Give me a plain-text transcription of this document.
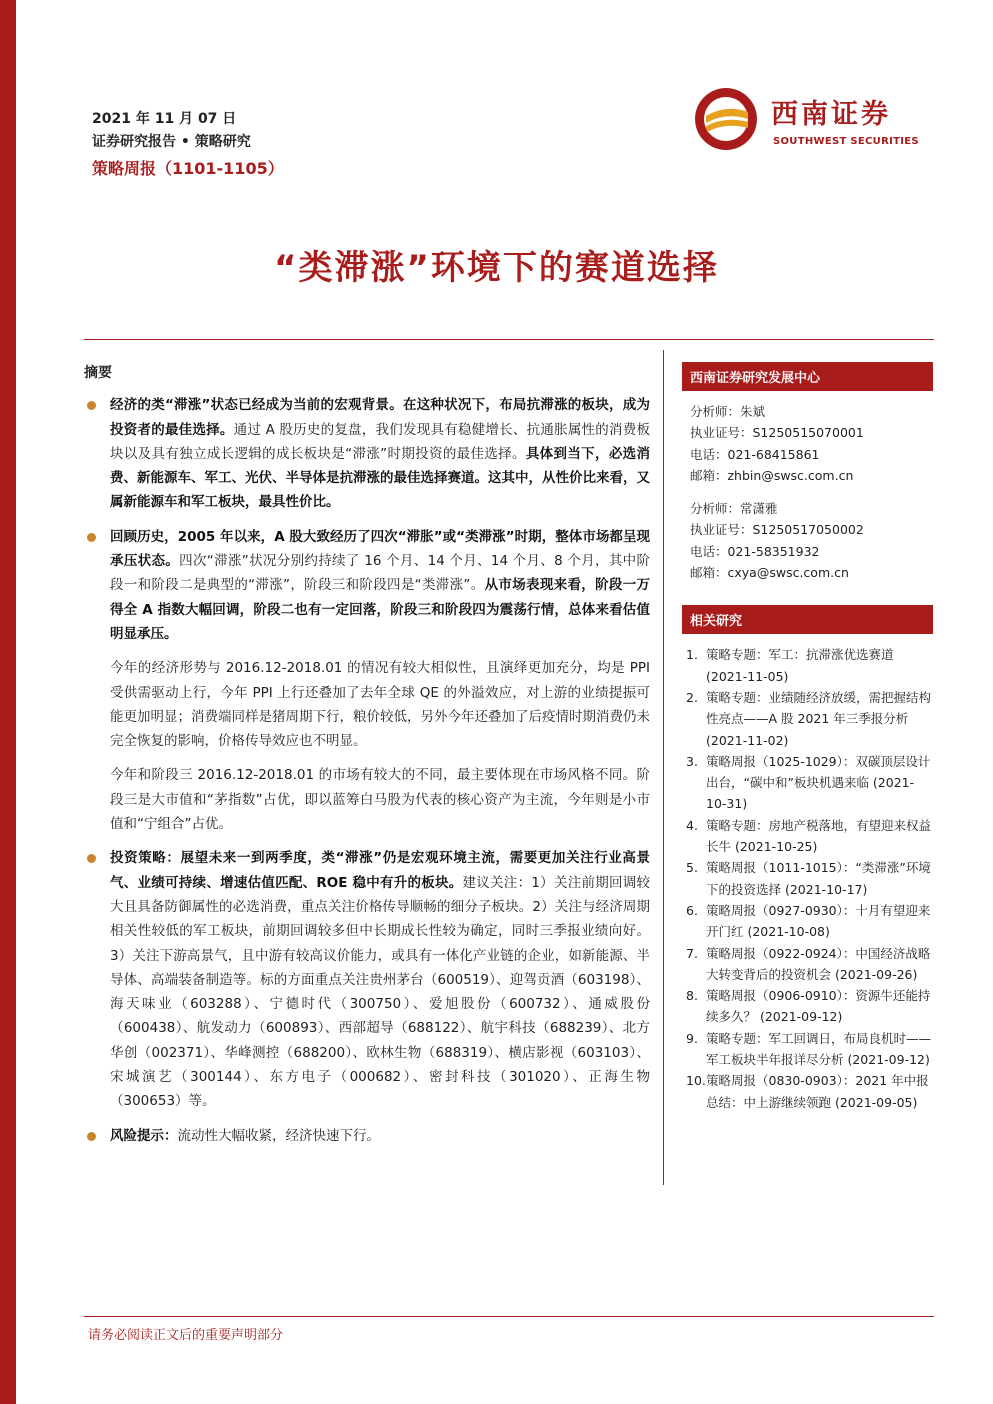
2021 年 11 月 07 日
证券研究报告 • 策略研究
策略周报（1101-1105）
西南证券
SOUTHWEST SECURITIES
“类滞涨”环境下的赛道选择
摘要
经济的类“滞涨”状态已经成为当前的宏观背景。在这种状况下，布局抗滞涨的板块，成为投资者的最佳选择。通过 A 股历史的复盘，我们发现具有稳健增长、抗通胀属性的消费板块以及具有独立成长逻辑的成长板块是“滞涨”时期投资的最佳选择。具体到当下，必选消费、新能源车、军工、光伏、半导体是抗滞涨的最佳选择赛道。这其中，从性价比来看，又属新能源车和军工板块，最具性价比。
回顾历史，2005 年以来，A 股大致经历了四次“滞胀”或“类滞涨”时期，整体市场都呈现承压状态。四次“滞涨”状况分别约持续了 16 个月、14 个月、14 个月、8 个月，其中阶段一和阶段二是典型的“滞涨”，阶段三和阶段四是“类滞涨”。从市场表现来看，阶段一万得全 A 指数大幅回调，阶段二也有一定回落，阶段三和阶段四为震荡行情，总体来看估值明显承压。
今年的经济形势与 2016.12-2018.01 的情况有较大相似性，且演绎更加充分，均是 PPI 受供需驱动上行，今年 PPI 上行还叠加了去年全球 QE 的外溢效应，对上游的业绩提振可能更加明显；消费端同样是猪周期下行，粮价较低，另外今年还叠加了后疫情时期消费仍未完全恢复的影响，价格传导效应也不明显。
今年和阶段三 2016.12-2018.01 的市场有较大的不同，最主要体现在市场风格不同。阶段三是大市值和“茅指数”占优，即以蓝筹白马股为代表的核心资产为主流，今年则是小市值和“宁组合”占优。
投资策略：展望未来一到两季度，类“滞涨”仍是宏观环境主流，需要更加关注行业高景气、业绩可持续、增速估值匹配、ROE 稳中有升的板块。建议关注：1）关注前期回调较大且具备防御属性的必选消费，重点关注价格传导顺畅的细分子板块。2）关注与经济周期相关性较低的军工板块，前期回调较多但中长期成长性较为确定，同时三季报业绩向好。3）关注下游高景气，且中游有较高议价能力，或具有一体化产业链的企业，如新能源、半导体、高端装备制造等。标的方面重点关注贵州茅台（600519）、迎驾贡酒（603198）、海天味业（603288）、宁德时代（300750）、爱旭股份（600732）、通威股份（600438）、航发动力（600893）、西部超导（688122）、航宇科技（688239）、北方华创（002371）、华峰测控（688200）、欧林生物（688319）、横店影视（603103）、宋城演艺（300144）、东方电子（000682）、密封科技（301020）、正海生物（300653）等。
风险提示：流动性大幅收紧，经济快速下行。
西南证券研究发展中心
分析师：朱斌
执业证号：S1250515070001
电话：021-68415861
邮箱：zhbin@swsc.com.cn
分析师：常潇雅
执业证号：S1250517050002
电话：021-58351932
邮箱：cxya@swsc.com.cn
相关研究
1. 策略专题：军工：抗滞涨优选赛道 (2021-11-05)
2. 策略专题：业绩随经济放缓，需把握结构性亮点——A 股 2021 年三季报分析 (2021-11-02)
3. 策略周报（1025-1029）：双碳顶层设计出台，“碳中和”板块机遇来临 (2021-10-31)
4. 策略专题：房地产税落地，有望迎来权益长牛 (2021-10-25)
5. 策略周报（1011-1015）：“类滞涨”环境下的投资选择 (2021-10-17)
6. 策略周报（0927-0930）：十月有望迎来开门红 (2021-10-08)
7. 策略周报（0922-0924）：中国经济战略大转变背后的投资机会 (2021-09-26)
8. 策略周报（0906-0910）：资源牛还能持续多久？ (2021-09-12)
9. 策略专题：军工回调日，布局良机时——军工板块半年报详尽分析 (2021-09-12)
10. 策略周报（0830-0903）：2021 年中报总结：中上游继续领跑 (2021-09-05)
请务必阅读正文后的重要声明部分
